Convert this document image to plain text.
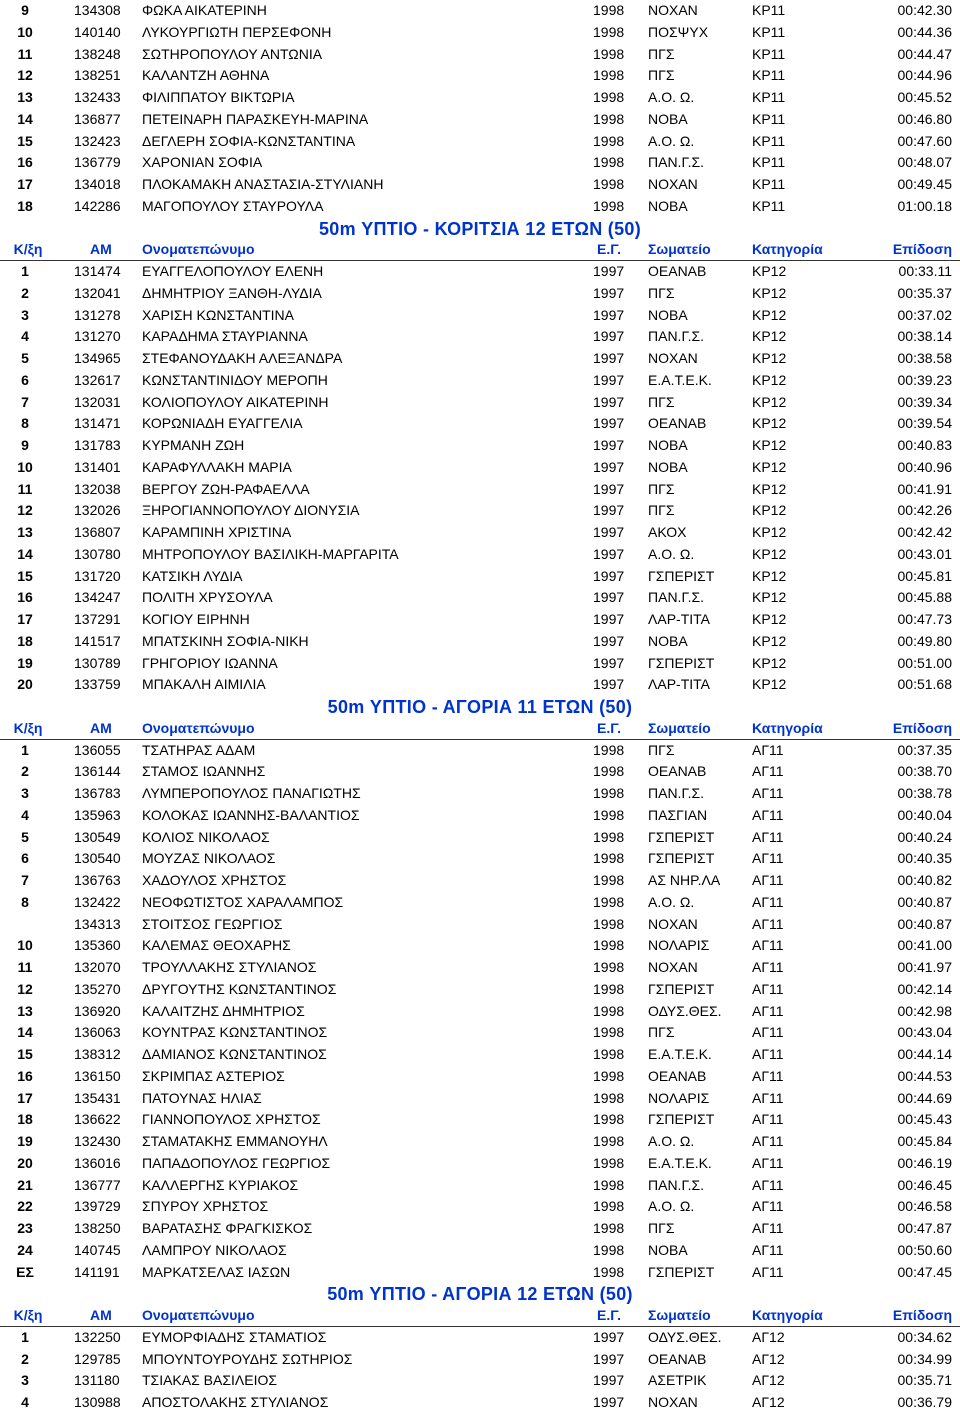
9	134308 ΦΩΚΑ ΑΙΚΑΤΕΡΙΝΗ	1998 ΝΟΧΑΝ	ΚΡ11	00:42.30
10	140140 ΛΥΚΟΥΡΓΙΩΤΗ ΠΕΡΣΕΦΟΝΗ	1998 ΠΟΣΨΥΧ	ΚΡ11	00:44.36
11	138248 ΣΩΤΗΡΟΠΟΥΛΟΥ ΑΝΤΩΝΙΑ	1998 ΠΓΣ	ΚΡ11	00:44.47
12	138251 ΚΑΛΑΝΤΖΗ ΑΘΗΝΑ	1998 ΠΓΣ	ΚΡ11	00:44.96
13	132433 ΦΙΛΙΠΠΑΤΟΥ ΒΙΚΤΩΡΙΑ	1998 Α.Ο. Ω.	ΚΡ11	00:45.52
14	136877 ΠΕΤΕΙΝΑΡΗ ΠΑΡΑΣΚΕΥΗ-ΜΑΡΙΝΑ	1998 ΝΟΒΑ	ΚΡ11	00:46.80
15	132423 ΔΕΓΛΕΡΗ ΣΟΦΙΑ-ΚΩΝΣΤΑΝΤΙΝΑ	1998 Α.Ο. Ω.	ΚΡ11	00:47.60
16	136779 ΧΑΡΟΝΙΑΝ ΣΟΦΙΑ	1998 ΠΑΝ.Γ.Σ.	ΚΡ11	00:48.07
17	134018 ΠΛΟΚΑΜΑΚΗ ΑΝΑΣΤΑΣΙΑ-ΣΤΥΛΙΑΝΗ	1998 ΝΟΧΑΝ	ΚΡ11	00:49.45
18	142286 ΜΑΓΟΠΟΥΛΟΥ ΣΤΑΥΡΟΥΛΑ	1998 ΝΟΒΑ	ΚΡ11	01:00.18
50m ΥΠΤΙΟ - ΚΟΡΙΤΣΙΑ 12 ΕΤΩΝ (50)
Κ/ξη	ΑΜ Ονοματεπώνυμο	Ε.Γ. Σωματείο	Κατηγορία	Επίδοση
1	131474 ΕΥΑΓΓΕΛΟΠΟΥΛΟΥ ΕΛΕΝΗ	1997 ΟΕΑΝΑΒ	ΚΡ12	00:33.11
2	132041 ΔΗΜΗΤΡΙΟΥ ΞΑΝΘΗ-ΛΥΔΙΑ	1997 ΠΓΣ	ΚΡ12	00:35.37
3	131278 ΧΑΡΙΣΗ ΚΩΝΣΤΑΝΤΙΝΑ	1997 ΝΟΒΑ	ΚΡ12	00:37.02
4	131270 ΚΑΡΑΔΗΜΑ ΣΤΑΥΡΙΑΝΝΑ	1997 ΠΑΝ.Γ.Σ.	ΚΡ12	00:38.14
5	134965 ΣΤΕΦΑΝΟΥΔΑΚΗ ΑΛΕΞΑΝΔΡΑ	1997 ΝΟΧΑΝ	ΚΡ12	00:38.58
6	132617 ΚΩΝΣΤΑΝΤΙΝΙΔΟΥ ΜΕΡΟΠΗ	1997 Ε.Α.Τ.Ε.Κ.	ΚΡ12	00:39.23
7	132031 ΚΟΛΙΟΠΟΥΛΟΥ ΑΙΚΑΤΕΡΙΝΗ	1997 ΠΓΣ	ΚΡ12	00:39.34
8	131471 ΚΟΡΩΝΙΑΔΗ ΕΥΑΓΓΕΛΙΑ	1997 ΟΕΑΝΑΒ	ΚΡ12	00:39.54
9	131783 ΚΥΡΜΑΝΗ ΖΩΗ	1997 ΝΟΒΑ	ΚΡ12	00:40.83
10	131401 ΚΑΡΑΦΥΛΛΑΚΗ ΜΑΡΙΑ	1997 ΝΟΒΑ	ΚΡ12	00:40.96
11	132038 ΒΕΡΓΟΥ ΖΩΗ-ΡΑΦΑΕΛΛΑ	1997 ΠΓΣ	ΚΡ12	00:41.91
12	132026 ΞΗΡΟΓΙΑΝΝΟΠΟΥΛΟΥ ΔΙΟΝΥΣΙΑ	1997 ΠΓΣ	ΚΡ12	00:42.26
13	136807 ΚΑΡΑΜΠΙΝΗ ΧΡΙΣΤΙΝΑ	1997 ΑΚΟΧ	ΚΡ12	00:42.42
14	130780 ΜΗΤΡΟΠΟΥΛΟΥ ΒΑΣΙΛΙΚΗ-ΜΑΡΓΑΡΙΤΑ	1997 Α.Ο. Ω.	ΚΡ12	00:43.01
15	131720 ΚΑΤΣΙΚΗ ΛΥΔΙΑ	1997 ΓΣΠΕΡΙΣΤ	ΚΡ12	00:45.81
16	134247 ΠΟΛΙΤΗ ΧΡΥΣΟΥΛΑ	1997 ΠΑΝ.Γ.Σ.	ΚΡ12	00:45.88
17	137291 ΚΟΓΙΟΥ ΕΙΡΗΝΗ	1997 ΛΑΡ-ΤΙΤΑ	ΚΡ12	00:47.73
18	141517 ΜΠΑΤΣΚΙΝΗ ΣΟΦΙΑ-ΝΙΚΗ	1997 ΝΟΒΑ	ΚΡ12	00:49.80
19	130789 ΓΡΗΓΟΡΙΟΥ ΙΩΑΝΝΑ	1997 ΓΣΠΕΡΙΣΤ	ΚΡ12	00:51.00
20	133759 ΜΠΑΚΑΛΗ ΑΙΜΙΛΙΑ	1997 ΛΑΡ-ΤΙΤΑ	ΚΡ12	00:51.68
50m ΥΠΤΙΟ - ΑΓΟΡΙΑ 11 ΕΤΩΝ (50)
Κ/ξη	ΑΜ Ονοματεπώνυμο	Ε.Γ. Σωματείο	Κατηγορία	Επίδοση
1	136055 ΤΣΑΤΗΡΑΣ ΑΔΑΜ	1998 ΠΓΣ	ΑΓ11	00:37.35
2	136144 ΣΤΑΜΟΣ ΙΩΑΝΝΗΣ	1998 ΟΕΑΝΑΒ	ΑΓ11	00:38.70
3	136783 ΛΥΜΠΕΡΟΠΟΥΛΟΣ ΠΑΝΑΓΙΩΤΗΣ	1998 ΠΑΝ.Γ.Σ.	ΑΓ11	00:38.78
4	135963 ΚΟΛΟΚΑΣ ΙΩΑΝΝΗΣ-ΒΑΛΑΝΤΙΟΣ	1998 ΠΑΣΓΙΑΝ	ΑΓ11	00:40.04
5	130549 ΚΟΛΙΟΣ ΝΙΚΟΛΑΟΣ	1998 ΓΣΠΕΡΙΣΤ	ΑΓ11	00:40.24
6	130540 ΜΟΥΖΑΣ ΝΙΚΟΛΑΟΣ	1998 ΓΣΠΕΡΙΣΤ	ΑΓ11	00:40.35
7	136763 ΧΑΔΟΥΛΟΣ ΧΡΗΣΤΟΣ	1998 ΑΣ ΝΗΡ.ΛΑ ΑΓ11	00:40.82
8	132422 ΝΕΟΦΩΤΙΣΤΟΣ ΧΑΡΑΛΑΜΠΟΣ	1998 Α.Ο. Ω.	ΑΓ11	00:40.87
134313 ΣΤΟΙΤΣΟΣ ΓΕΩΡΓΙΟΣ	1998 ΝΟΧΑΝ	ΑΓ11	00:40.87
10	135360 ΚΑΛΕΜΑΣ ΘΕΟΧΑΡΗΣ	1998 ΝΟΛΑΡΙΣ	ΑΓ11	00:41.00
11	132070 ΤΡΟΥΛΛΑΚΗΣ ΣΤΥΛΙΑΝΟΣ	1998 ΝΟΧΑΝ	ΑΓ11	00:41.97
12	135270 ΔΡΥΓΟΥΤΗΣ ΚΩΝΣΤΑΝΤΙΝΟΣ	1998 ΓΣΠΕΡΙΣΤ	ΑΓ11	00:42.14
13	136920 ΚΑΛΑΙΤΖΗΣ ΔΗΜΗΤΡΙΟΣ	1998 ΟΔΥΣ.ΘΕΣ. ΑΓ11	00:42.98
14	136063 ΚΟΥΝΤΡΑΣ ΚΩΝΣΤΑΝΤΙΝΟΣ	1998 ΠΓΣ	ΑΓ11	00:43.04
15	138312 ΔΑΜΙΑΝΟΣ ΚΩΝΣΤΑΝΤΙΝΟΣ	1998 Ε.Α.Τ.Ε.Κ.	ΑΓ11	00:44.14
16	136150 ΣΚΡΙΜΠΑΣ ΑΣΤΕΡΙΟΣ	1998 ΟΕΑΝΑΒ	ΑΓ11	00:44.53
17	135431 ΠΑΤΟΥΝΑΣ ΗΛΙΑΣ	1998 ΝΟΛΑΡΙΣ	ΑΓ11	00:44.69
18	136622 ΓΙΑΝΝΟΠΟΥΛΟΣ ΧΡΗΣΤΟΣ	1998 ΓΣΠΕΡΙΣΤ	ΑΓ11	00:45.43
19	132430 ΣΤΑΜΑΤΑΚΗΣ ΕΜΜΑΝΟΥΗΛ	1998 Α.Ο. Ω.	ΑΓ11	00:45.84
20	136016 ΠΑΠΑΔΟΠΟΥΛΟΣ ΓΕΩΡΓΙΟΣ	1998 Ε.Α.Τ.Ε.Κ.	ΑΓ11	00:46.19
21	136777 ΚΑΛΛΕΡΓΗΣ ΚΥΡΙΑΚΟΣ	1998 ΠΑΝ.Γ.Σ.	ΑΓ11	00:46.45
22	139729 ΣΠΥΡΟΥ ΧΡΗΣΤΟΣ	1998 Α.Ο. Ω.	ΑΓ11	00:46.58
23	138250 ΒΑΡΑΤΑΣΗΣ ΦΡΑΓΚΙΣΚΟΣ	1998 ΠΓΣ	ΑΓ11	00:47.87
24	140745 ΛΑΜΠΡΟΥ ΝΙΚΟΛΑΟΣ	1998 ΝΟΒΑ	ΑΓ11	00:50.60
ΕΣ	141191 ΜΑΡΚΑΤΣΕΛΑΣ ΙΑΣΩΝ	1998 ΓΣΠΕΡΙΣΤ	ΑΓ11	00:47.45
50m ΥΠΤΙΟ - ΑΓΟΡΙΑ 12 ΕΤΩΝ (50)
Κ/ξη	ΑΜ Ονοματεπώνυμο	Ε.Γ. Σωματείο	Κατηγορία	Επίδοση
1	132250 ΕΥΜΟΡΦΙΑΔΗΣ ΣΤΑΜΑΤΙΟΣ	1997 ΟΔΥΣ.ΘΕΣ. ΑΓ12	00:34.62
2	129785 ΜΠΟΥΝΤΟΥΡΟΥΔΗΣ ΣΩΤΗΡΙΟΣ	1997 ΟΕΑΝΑΒ	ΑΓ12	00:34.99
3	131180 ΤΣΙΑΚΑΣ ΒΑΣΙΛΕΙΟΣ	1997 ΑΣΕΤΡΙΚ	ΑΓ12	00:35.71
4	130988 ΑΠΟΣΤΟΛΑΚΗΣ ΣΤΥΛΙΑΝΟΣ	1997 ΝΟΧΑΝ	ΑΓ12	00:36.79
